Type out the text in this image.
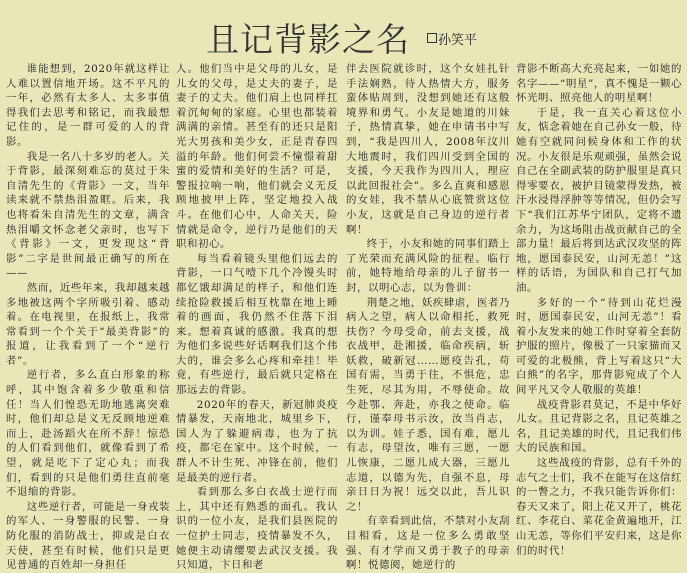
且记背影之名 孙笑平

谁能想到，2020年就这样让人难以置信地开场。这不平凡的一年，必然有太多人、太多事值得我们去思考和铭记，而我最想记住的，是一群可爱的人的背影。

我是一名八十多岁的老人。关于背影，最深刻难忘的莫过于朱自清先生的《背影》一文，当年读来就不禁热泪盈眶。后来，我也将看朱自清先生的文章，满含热泪嚼文怀念老父亲时，也写下《背影》一文，更发现这“背影”二字是世间最正确写的所在——

然而，近些年来，我却越来越多地被这两个字所吸引着、感动着。在电视里，在报纸上，我常常看到一个个关于“最美背影”的报道，让我看到了一个“逆行者”。

逆行者，多么直白形象的称呼，其中饱含着多少敬重和信任！当人们惶恐无助地逃离突难时，他们却总是义无反顾地逆难而上，赴汤蹈火在所不辞！惊恐的人们看到他们，就像看到了希望，就是吃下了定心丸；而我们，看到的只是他们勇往直前毫不退缩的背影。

这些逆行者，可能是一身戎装的军人、一身警服的民警、一身防化服的消防战士，抑或是白衣天使，甚至有时候，他们只是更见普通的百姓却一身担任

人。他们当中是父母的儿女，是儿女的父母，是丈夫的妻子，是妻子的丈夫。他们肩上也同样扛着沉甸甸的家庭。心里也都装着满满的亲情。甚至有的还只是阳光大男孩和美少女，正是青春四溢的年龄。他们何尝不憧憬着甜蜜的爱情和美好的生活？可是，警报拉响一响，他们就会义无反顾地披甲上阵，坚定地投入战斗。在他们心中，人命关天，险情就是命令，逆行乃是他们的天职和初心。

每当看着镜头里他们远去的背影，一口气噎下几个冷馒头时都忆饿却满足的样子，和他们连续抢险救援后相互枕靠在地上睡着的画面，我仍然不住落下泪来。想着真诚的感激。我真的想为他们多说些好话啊我们这个伟大的，谁会多么心疼和牵挂！毕竟，有些逆行，最后就只定格在那远去的背影。

2020年的春天，新冠肺炎疫情暴发，天南地北，城里乡下，国人为了躲避病毒，也为了抗疫，都宅在家中。这个时候，一群人不计生死、冲锋在前，他们是最美的逆行者。

看到那么多白衣战士逆行而上，其中还有熟悉的面孔。我认识的一位小友，是我们县医院的一位护士同志，疫情暴发不久，她便主动请缨要去武汉支援。我只知道，卞日和老

伴去医院就诊时，这个女娃扎针手法娴熟，待人热情大方，服务蛮体贴周到，没想到她还有这般境界和勇气。小友是她道的川妹子，热情真挚，她在申请书中写到，“我是四川人，2008年汶川大地震时，我们四川受到全国的支援，今天我作为四川人，理应以此回报社会”。多么直爽和感恩的女娃，我不禁从心底赞赏这位小友，这就是自己身边的逆行者啊！

终于，小友和她的同事们踏上了光荣而充满风险的征程。临行前，她特地给母亲的儿子留书一封，以明心志，以为鲁训：

荆楚之地，妖疾肆虐，医者乃病人之望，病人以命相托，救死扶伤？今母受命，前去支援，战衣战甲，赴湘援，临命疾病，斩妖救，破新冠……愿疫告孔，苟国有需，当勇于往，不惧危，忠生死，尽其为用，不辱使命。故今赴鄂、奔赴，亦我之使命。临行，谨奉母书示汝，汝当肖志，以为训。娃子悉，国有难，愿儿有志，母望汝，唯有三愿，一愿儿恢康，二愿儿成大器，三愿儿志道，以德为先，自强不息，母亲日日为祝！远交以此，吾儿识之！

有幸看到此信，不禁对小友刮目相看，这是一位多么勇敢坚强、有才学而又勇于教子的母亲啊！悦德阅，她逆行的

背影不断高大充亮起来，一如她的名字——“明星”，真不愧是一颗心怀光明、照亮他人的明星啊！

于是，我一直关心着这位小友，惦念着她在自己孙女一般，待她有空就同问候身体和工作的状况。小友很是乐观顽强，虽然会说自己在全副武装的防护服里是真只得零要衣，被护目镜蒙得发热，被汗水浸得浮肿等等情况，但仍会写下“我们江苏华宁团队，定将不遗余力，为这场阻击战贡献自己的全部力量！最后将到达武汉攻坚的阵地，愿国泰民安，山河无恙！”这样的话语，为国队和自己打气加油。

多好的一个“待到山花烂漫时，愿国泰民安，山河无恙”！看着小友发来的她工作时穿着全套防护服的照片，像极了一只家猫而又可爱的北极熊，背上写着这只“大白熊”的名字，那背影宛成了个人间平凡又令人敬服的英雄！

战疫背影君莫记，不是中华好儿女。且记背影之名，且记英雄之名，且记美雄的时代，且记我们伟大的民族和国。

这些战疫的背影，总有千外的志气之士们，我不在能写在这信红的一瞥之力，不我只能告诉你们：春天又来了，阳上花又开了，桃花红、李花白、菜花金黄遍地开，江山无恙，等你们平安归来，这是你们的时代！
